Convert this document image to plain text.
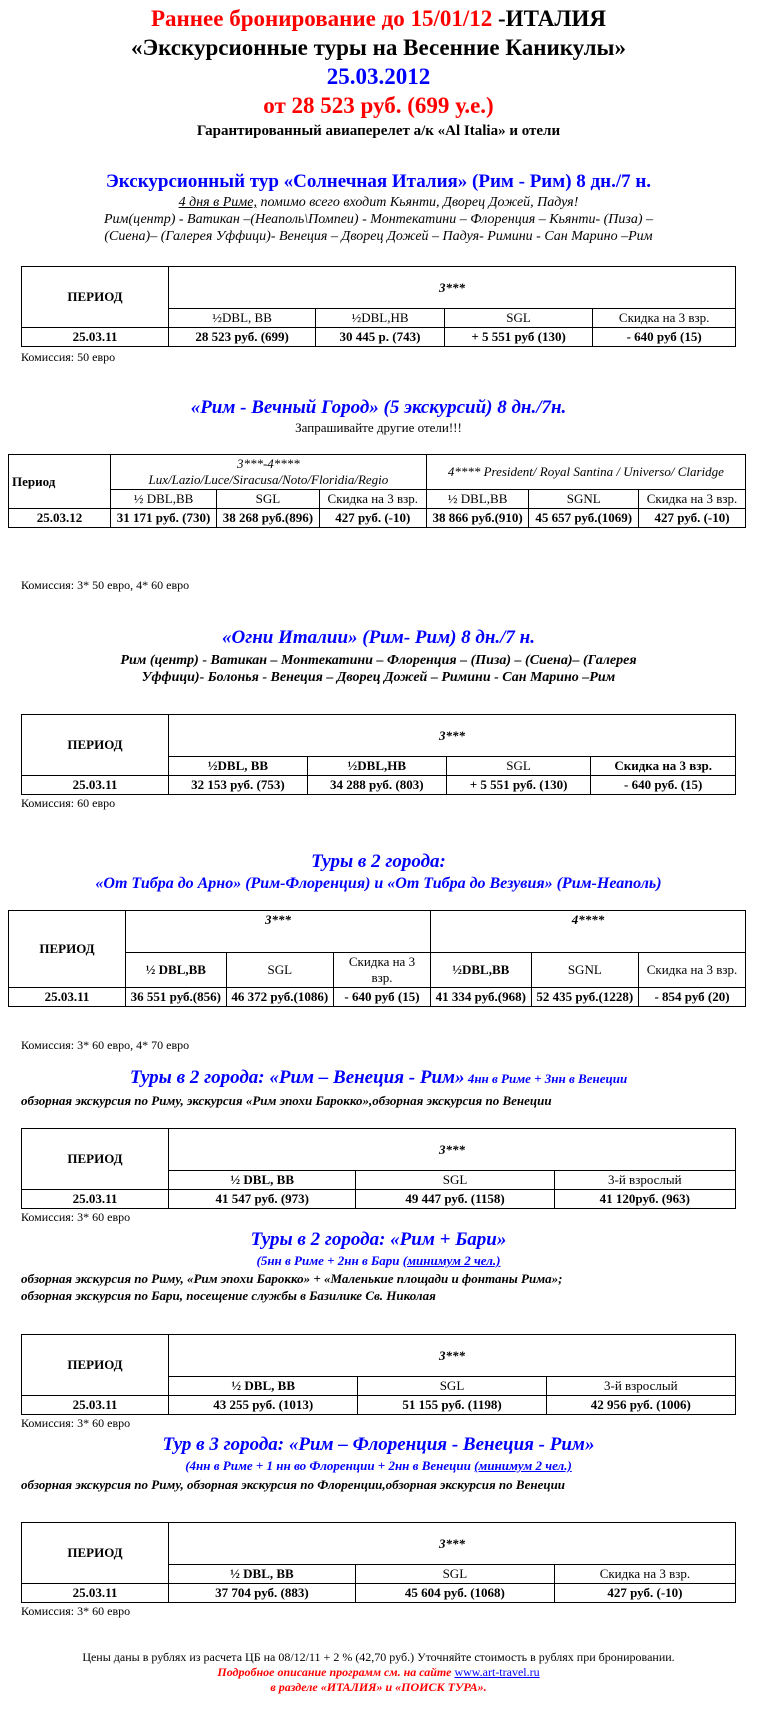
Раннее бронирование до 15/01/12 -ИТАЛИЯ
«Экскурсионные туры на Весенние Каникулы»
25.03.2012
от 28 523 руб. (699 у.е.)
Гарантированный авиаперелет а/к «Al Italia» и отели
Экскурсионный тур «Солнечная Италия» (Рим - Рим) 8 дн./7 н.
4 дня в Риме, помимо всего входит Кьянти, Дворец Дожей, Падуя!
Рим(центр) - Ватикан –(Неаполь\Помпеи) - Монтекатини – Флоренция – Кьянти- (Пиза) –
(Сиена)– (Галерея Уффици)- Венеция – Дворец Дожей – Падуя- Римини - Сан Марино –Рим
ПЕРИОД	3***			
	½DBL, BB	½DBL,HB	SGL	Скидка на 3 взр.
25.03.11	28 523 руб. (699)	30 445 р. (743)	+ 5 551 руб (130)	- 640 руб (15)
Комиссия: 50 евро
«Рим - Вечный Город» (5 экскурсий) 8 дн./7н.
Запрашивайте другие отели!!!
Период	3***-4****
Lux/Lazio/Luce/Siracusa/Noto/Floridia/Regio			4**** President/ Royal Santina / Universo/ Claridge		
	½ DBL,BB	SGL	Скидка на 3 взр.	½ DBL,BB	SGNL	Скидка на 3 взр.
25.03.12	31 171 руб. (730)	38 268 руб.(896)	427 руб. (-10)	38 866 руб.(910)	45 657 руб.(1069)	427 руб. (-10)
Комиссия: 3* 50 евро, 4* 60 евро
«Огни Италии» (Рим- Рим) 8 дн./7 н.
Рим (центр) - Ватикан – Монтекатини – Флоренция – (Пиза) – (Сиена)– (Галерея
Уффици)- Болонья - Венеция – Дворец Дожей – Римини - Сан Марино –Рим
ПЕРИОД	3***			
	½DBL, BB	½DBL,HB	SGL	Скидка на 3 взр.
25.03.11	32 153 руб. (753)	34 288 руб. (803)	+ 5 551 руб. (130)	- 640 руб. (15)
Комиссия: 60 евро
Туры в 2 города:
«От Тибра до Арно» (Рим-Флоренция) и «От Тибра до Везувия» (Рим-Неаполь)
ПЕРИОД	3***			4****		
	½ DBL,BB	SGL	Скидка на 3 взр.	½DBL,BB	SGNL	Скидка на 3 взр.
25.03.11	36 551 руб.(856)	46 372 руб.(1086)	- 640 руб (15)	41 334 руб.(968)	52 435 руб.(1228)	- 854 руб (20)
Комиссия: 3* 60 евро, 4* 70 евро
Туры в 2 города: «Рим – Венеция - Рим» 4нн в Риме + 3нн в Венеции
обзорная экскурсия по Риму, экскурсия «Рим эпохи Барокко»,обзорная экскурсия по Венеции
ПЕРИОД	3***		
	½ DBL, BB	SGL	3-й взрослый
25.03.11	41 547 руб. (973)	49 447 руб. (1158)	41 120руб. (963)
Комиссия: 3* 60 евро
Туры в 2 города: «Рим + Бари»
(5нн в Риме + 2нн в Бари (минимум 2 чел.)
обзорная экскурсия по Риму, «Рим эпохи Барокко» + «Маленькие площади и фонтаны Рима»;
обзорная экскурсия по Бари, посещение службы в Базилике Св. Николая
ПЕРИОД	3***		
	½ DBL, BB	SGL	3-й взрослый
25.03.11	43 255 руб. (1013)	51 155 руб. (1198)	42 956 руб. (1006)
Комиссия: 3* 60 евро
Тур в 3 города: «Рим – Флоренция - Венеция - Рим»
(4нн в Риме + 1 нн во Флоренции + 2нн в Венеции (минимум 2 чел.)
обзорная экскурсия по Риму, обзорная экскурсия по Флоренции,обзорная экскурсия по Венеции
ПЕРИОД	3***		
	½ DBL, BB	SGL	Скидка на 3 взр.
25.03.11	37 704 руб. (883)	45 604 руб. (1068)	427 руб. (-10)
Комиссия: 3* 60 евро
Цены даны в рублях из расчета ЦБ на 08/12/11 + 2 % (42,70 руб.) Уточняйте стоимость в рублях при бронировании.
Подробное описание программ см. на сайте www.art-travel.ru
в разделе «ИТАЛИЯ» и «ПОИСК ТУРА».
